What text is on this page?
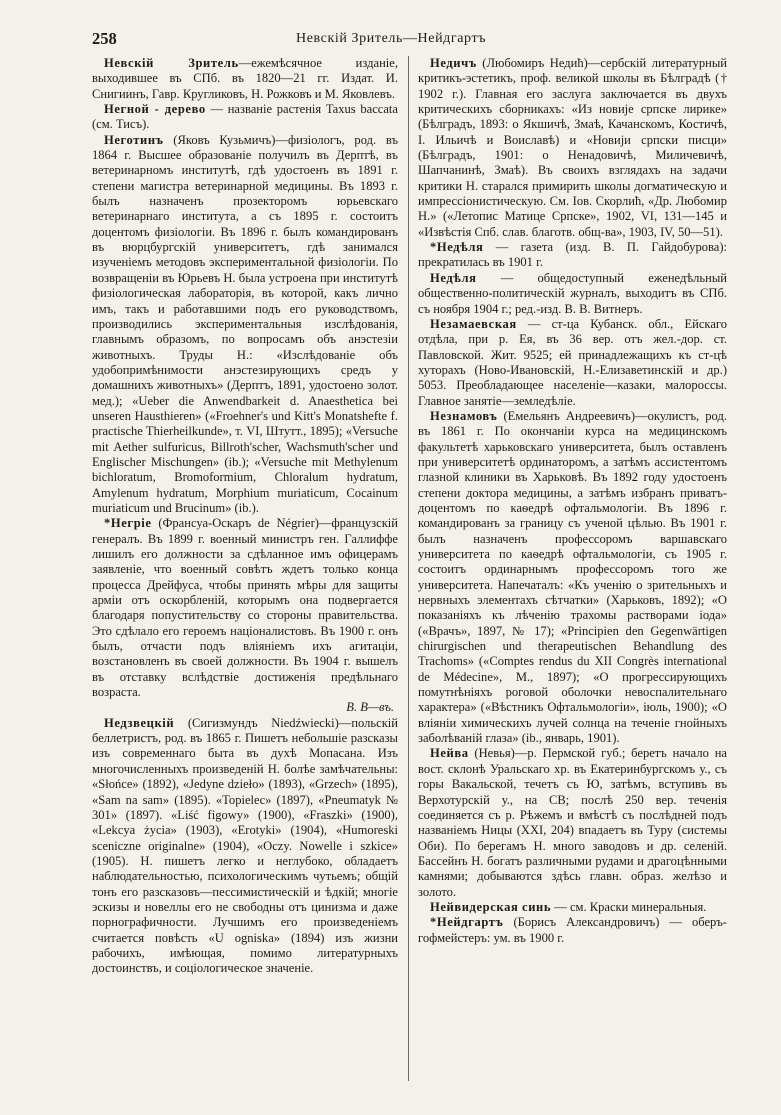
258	Невскій Зритель—Нейдгартъ

Невскій Зритель—ежемѣсячное изданіе, выходившее въ СПб. въ 1820—21 гг. Издат. И. Снигиинъ, Гавр. Кругликовъ, Н. Рожковъ и М. Яковлевъ.

Негной - дерево — названіе растенія Taxus baccata (см. Тисъ).

Неготинъ (Яковъ Кузьмичъ)—физіологъ, род. въ 1864 г. Высшее образованіе получилъ въ Дерптѣ, въ ветеринарномъ институтѣ, гдѣ удостоенъ въ 1891 г. степени магистра ветеринарной медицины. Въ 1893 г. былъ назначенъ прозекторомъ юрьевскаго ветеринарнаго института, а съ 1895 г. состоитъ доцентомъ физіологіи. Въ 1896 г. былъ командированъ въ вюрцбургскій университетъ, гдѣ занимался изученіемъ методовъ экспериментальной физіологіи. По возвращеніи въ Юрьевъ Н. была устроена при институтѣ физіологическая лабораторія, въ которой, какъ лично имъ, такъ и работавшими подъ его руководствомъ, производились экспериментальныя изслѣдованія, главнымъ образомъ, по вопросамъ объ анэстезіи животныхъ. Труды Н.: «Изслѣдованіе объ удобопримѣнимости анэстезирующихъ средъ у домашнихъ животныхъ» (Дерптъ, 1891, удостоено золот. мед.); «Ueber die Anwendbarkeit d. Anaesthetica bei unseren Hausthieren» («Froehner's und Kitt's Monatshefte f. practische Thierheilkunde», т. VI, Штутт., 1895); «Versuche mit Aether sulfuricus, Billroth'scher, Wachsmuth'scher und Englischer Mischungen» (ib.); «Versuche mit Methylenum bichloratum, Bromoformium, Chloralum hydratum, Amylenum hydratum, Morphium muriaticum, Cocainum muriaticum und Brucinum» (ib.).

*Негріе (Франсуа-Оскаръ de Négrier)—французскій генералъ. Въ 1899 г. военный министръ ген. Галлиффе лишилъ его должности за сдѣланное имъ офицерамъ заявленіе, что военный совѣтъ ждетъ только конца процесса Дрейфуса, чтобы принять мѣры для защиты арміи отъ оскорбленій, которымъ она подвергается благодаря попустительству со стороны правительства. Это сдѣлало его героемъ націоналистовъ. Въ 1900 г. онъ былъ, отчасти подъ вліяніемъ ихъ агитаціи, возстановленъ въ своей должности. Въ 1904 г. вышелъ въ отставку вслѣдствіе достиженія предѣльнаго возраста.
В. В—въ.

Недзвецкій (Сигизмундъ Niedźwiecki)—польскій беллетристъ, род. въ 1865 г. Пишетъ небольшіе разсказы изъ современнаго быта въ духѣ Мопасана. Изъ многочисленныхъ произведеній Н. болѣе замѣчательны: «Słońce» (1892), «Jedyne dzieło» (1893), «Grzech» (1895), «Sam na sam» (1895). «Topielec» (1897), «Pneumatyk № 301» (1897). «Liść figowy» (1900), «Fraszki» (1900), «Lekcya życia» (1903), «Erotyki» (1904), «Humoreski sceniczne originalne» (1904), «Oczy. Nowelle i szkice» (1905). Н. пишетъ легко и неглубоко, обладаетъ наблюдательностью, психологическимъ чутьемъ; общій тонъ его разсказовъ—пессимистическій и ѣдкій; многіе эскизы и новеллы его не свободны отъ цинизма и даже порнографичности. Лучшимъ его произведеніемъ считается повѣсть «U ogniska» (1894) изъ жизни рабочихъ, имѣющая, помимо литературныхъ достоинствъ, и соціологическое значеніе.

Недичъ (Любомиръ Недић)—сербскій литературный критикъ-эстетикъ, проф. великой школы въ Бѣлградѣ († 1902 г.). Главная его заслуга заключается въ двухъ критическихъ сборникахъ: «Из новије српске лирике» (Бѣлградъ, 1893: о Якшичѣ, Змаѣ, Качанскомъ, Костичѣ, I. Ильичѣ и Воиславѣ) и «Новији српски писци» (Бѣлградъ, 1901: о Ненадовичѣ, Миличевичѣ, Шапчанинѣ, Змаѣ). Въ своихъ взглядахъ на задачи критики Н. старался примирить школы догматическую и импрессіонистическую. См. Іов. Скорлић, «Др. Любомир Н.» («Летопис Матице Српске», 1902, VI, 131—145 и «Извѣстія Спб. слав. благотв. общ-ва», 1903, IV, 50—51).

*Недѣля — газета (изд. В. П. Гайдобурова): прекратилась въ 1901 г.

Недѣля — общедоступный еженедѣльный общественно-политическій журналъ, выходитъ въ СПб. съ ноября 1904 г.; ред.-изд. В. В. Витнеръ.

Незамаевская — ст-ца Кубанск. обл., Ейскаго отдѣла, при р. Ея, въ 36 вер. отъ жел.-дор. ст. Павловской. Жит. 9525; ей принадлежащихъ къ ст-цѣ хуторахъ (Ново-Ивановскій, Н.-Елизаветинскій и др.) 5053. Преобладающее населеніе—казаки, малороссы. Главное занятіе—земледѣліе.

Незнамовъ (Емельянъ Андреевичъ)—окулистъ, род. въ 1861 г. По окончаніи курса на медицинскомъ факультетѣ харьковскаго университета, былъ оставленъ при университетѣ ординаторомъ, а затѣмъ ассистентомъ глазной клиники въ Харьковѣ. Въ 1892 году удостоенъ степени доктора медицины, а затѣмъ избранъ приватъ-доцентомъ по каѳедрѣ офтальмологіи. Въ 1896 г. командированъ за границу съ ученой цѣлью. Въ 1901 г. былъ назначенъ профессоромъ варшавскаго университета по каѳедрѣ офтальмологіи, съ 1905 г. состоитъ ординарнымъ профессоромъ того же университета. Напечаталъ: «Къ ученію о зрительныхъ и нервныхъ элементахъ сѣтчатки» (Харьковъ, 1892); «О показаніяхъ къ лѣченію трахомы растворами іода» («Врачъ», 1897, № 17); «Principien den Gegenwärtigen chirurgischen und therapeutischen Behandlung des Trachoms» («Comptes rendus du XII Congrès international de Médecine», М., 1897); «О прогрессирующихъ помутнѣніяхъ роговой оболочки невоспалительнаго характера» («Вѣстникъ Офтальмологіи», іюль, 1900); «О вліяніи химическихъ лучей солнца на теченіе гнойныхъ заболѣваній глаза» (ib., январь, 1901).

Нейва (Невья)—р. Пермской губ.; беретъ начало на вост. склонѣ Уральскаго хр. въ Екатеринбургскомъ у., съ горы Вакальской, течетъ съ Ю, затѣмъ, вступивъ въ Верхотурскій у., на СВ; послѣ 250 вер. теченія соединяется съ р. Рѣжемъ и вмѣстѣ съ послѣдней подъ названіемъ Ницы (XXI, 204) впадаетъ въ Туру (системы Оби). По берегамъ Н. много заводовъ и др. селеній. Бассейнъ Н. богатъ различными рудами и драгоцѣнными камнями; добываются здѣсь главн. образ. желѣзо и золото.

Нейвидерская синь — см. Краски минеральныя.

*Нейдгартъ (Борисъ Александровичъ) — оберъ-гофмейстеръ: ум. въ 1900 г.
